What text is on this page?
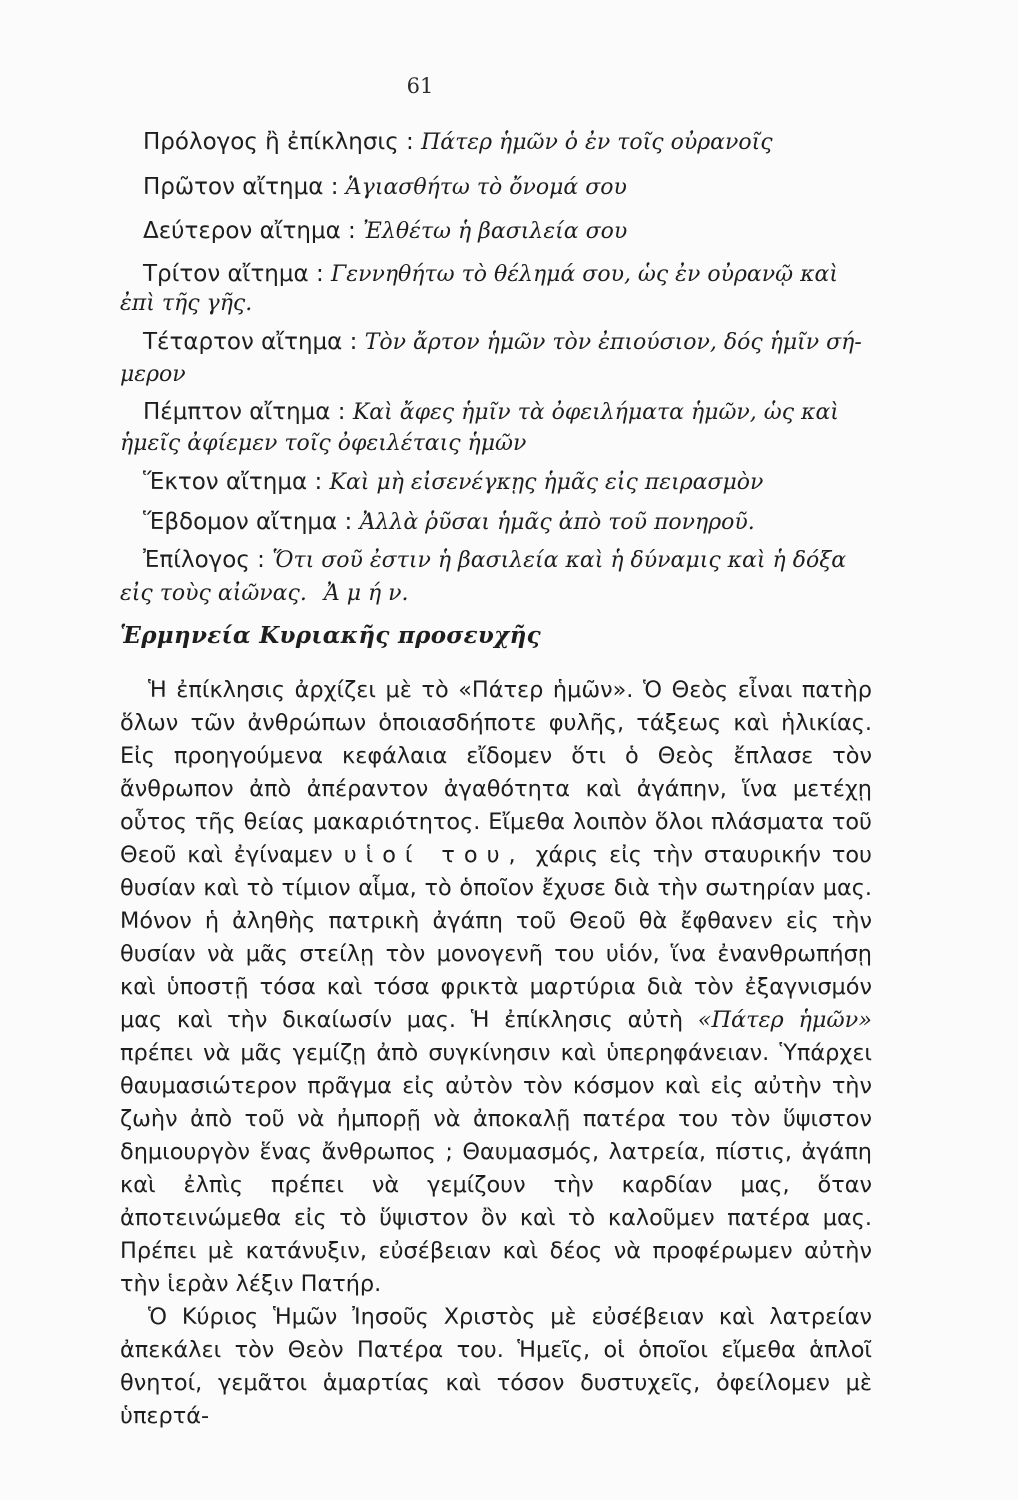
61
Πρόλογος ἢ ἐπίκλησις : Πάτερ ἡμῶν ὁ ἐν τοῖς οὐρανοῖς
Πρῶτον αἴτημα : Ἁγιασθήτω τὸ ὄνομά σου
Δεύτερον αἴτημα : Ἐλθέτω ἡ βασιλεία σου
Τρίτον αἴτημα : Γεννηθήτω τὸ θέλημά σου, ὡς ἐν οὐρανῷ καὶ
ἐπὶ τῆς γῆς.
Τέταρτον αἴτημα : Τὸν ἄρτον ἡμῶν τὸν ἐπιούσιον, δός ἡμῖν σή-
μερον
Πέμπτον αἴτημα : Καὶ ἄφες ἡμῖν τὰ ὀφειλήματα ἡμῶν, ὡς καὶ
ἡμεῖς ἀφίεμεν τοῖς ὀφειλέταις ἡμῶν
Ἕκτον αἴτημα : Καὶ μὴ εἰσενέγκῃς ἡμᾶς εἰς πειρασμὸν
Ἕβδομον αἴτημα : Ἀλλὰ ῥῦσαι ἡμᾶς ἀπὸ τοῦ πονηροῦ.
Ἐπίλογος : Ὅτι σοῦ ἐστιν ἡ βασιλεία καὶ ἡ δύναμις καὶ ἡ δόξα
εἰς τοὺς αἰῶνας. Ἀ μ ή ν.
Ἑρμηνεία Κυριακῆς προσευχῆς

Ἡ ἐπίκλησις ἀρχίζει μὲ τὸ «Πάτερ ἡμῶν». Ὁ Θεὸς εἶναι πατὴρ ὅλων τῶν ἀνθρώπων ὁποιασδήποτε φυλῆς, τάξεως καὶ ἡλικίας. Εἰς προηγούμενα κεφάλαια εἴδομεν ὅτι ὁ Θεὸς ἔπλασε τὸν ἄνθρωπον ἀπὸ ἀπέραντον ἀγαθότητα καὶ ἀγάπην, ἵνα μετέχῃ οὗτος τῆς θείας μακαριότητος. Εἴμεθα λοιπὸν ὅλοι πλάσματα τοῦ Θεοῦ καὶ ἐγίναμεν υἱοί του, χάρις εἰς τὴν σταυρικήν του θυσίαν καὶ τὸ τίμιον αἷμα, τὸ ὁποῖον ἔχυσε διὰ τὴν σωτηρίαν μας. Μόνον ἡ ἀληθὴς πατρικὴ ἀγάπη τοῦ Θεοῦ θὰ ἔφθανεν εἰς τὴν θυσίαν νὰ μᾶς στείλῃ τὸν μονογενῆ του υἱόν, ἵνα ἐνανθρωπήσῃ καὶ ὑποστῇ τόσα καὶ τόσα φρικτὰ μαρτύρια διὰ τὸν ἐξαγνισμόν μας καὶ τὴν δικαίωσίν μας. Ἡ ἐπίκλησις αὐτὴ «Πάτερ ἡμῶν» πρέπει νὰ μᾶς γεμίζῃ ἀπὸ συγκίνησιν καὶ ὑπερηφάνειαν. Ὑπάρχει θαυμασιώτερον πρᾶγμα εἰς αὐτὸν τὸν κόσμον καὶ εἰς αὐτὴν τὴν ζωὴν ἀπὸ τοῦ νὰ ἠμπορῇ νὰ ἀποκαλῇ πατέρα του τὸν ὕψιστον δημιουργὸν ἕνας ἄνθρωπος ; Θαυμασμός, λατρεία, πίστις, ἀγάπη καὶ ἐλπὶς πρέπει νὰ γεμίζουν τὴν καρδίαν μας, ὅταν ἀποτεινώμεθα εἰς τὸ ὕψιστον ὂν καὶ τὸ καλοῦμεν πατέρα μας. Πρέπει μὲ κατάνυξιν, εὐσέβειαν καὶ δέος νὰ προφέρωμεν αὐτὴν τὴν ἱερὰν λέξιν Πατήρ.

Ὁ Κύριος Ἡμῶν Ἰησοῦς Χριστὸς μὲ εὐσέβειαν καὶ λατρείαν ἀπεκάλει τὸν Θεὸν Πατέρα του. Ἡμεῖς, οἱ ὁποῖοι εἴμεθα ἁπλοῖ θνητοί, γεμᾶτοι ἁμαρτίας καὶ τόσον δυστυχεῖς, ὀφείλομεν μὲ ὑπερτά-
